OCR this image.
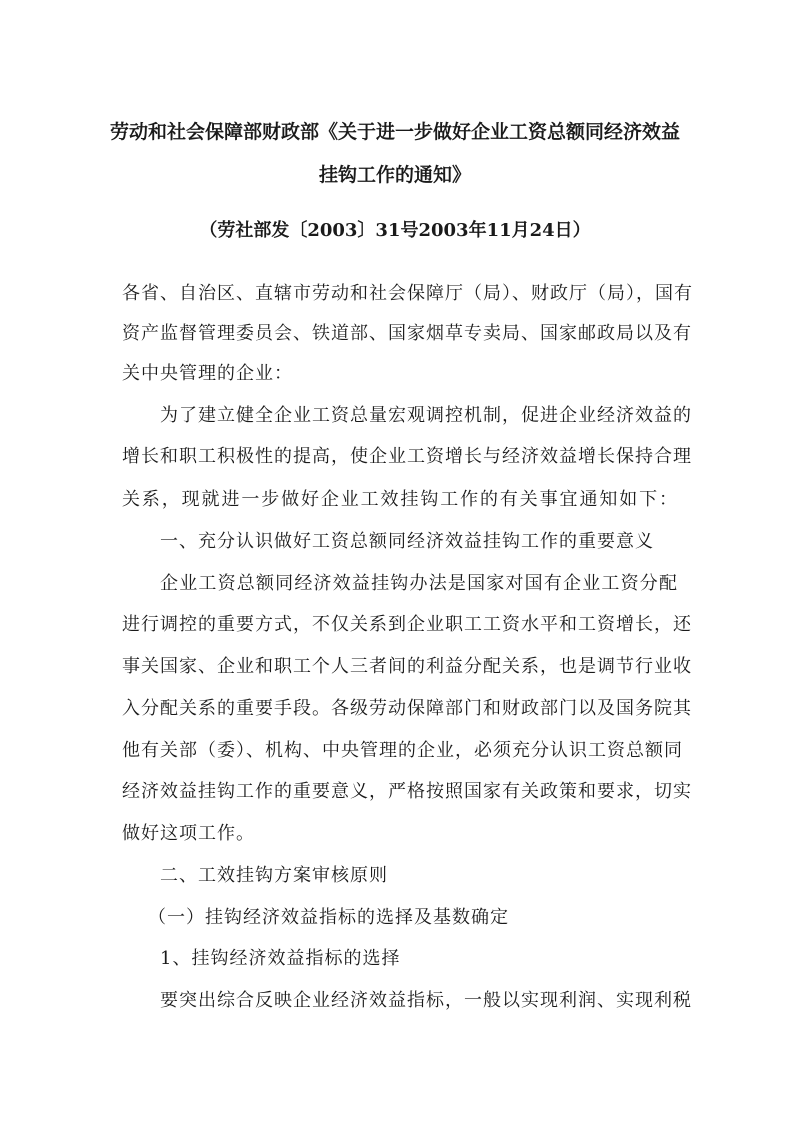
劳动和社会保障部财政部《关于进一步做好企业工资总额同经济效益
挂钩工作的通知》
（劳社部发〔2003〕31号2003年11月24日）
各省、自治区、直辖市劳动和社会保障厅（局）、财政厅（局），国有
资产监督管理委员会、铁道部、国家烟草专卖局、国家邮政局以及有
关中央管理的企业：
为了建立健全企业工资总量宏观调控机制，促进企业经济效益的
增长和职工积极性的提高，使企业工资增长与经济效益增长保持合理
关系，现就进一步做好企业工效挂钩工作的有关事宜通知如下：
一、充分认识做好工资总额同经济效益挂钩工作的重要意义
企业工资总额同经济效益挂钩办法是国家对国有企业工资分配
进行调控的重要方式，不仅关系到企业职工工资水平和工资增长，还
事关国家、企业和职工个人三者间的利益分配关系，也是调节行业收
入分配关系的重要手段。各级劳动保障部门和财政部门以及国务院其
他有关部（委）、机构、中央管理的企业，必须充分认识工资总额同
经济效益挂钩工作的重要意义，严格按照国家有关政策和要求，切实
做好这项工作。
二、工效挂钩方案审核原则
（一）挂钩经济效益指标的选择及基数确定
1、挂钩经济效益指标的选择
要突出综合反映企业经济效益指标，一般以实现利润、实现利税
